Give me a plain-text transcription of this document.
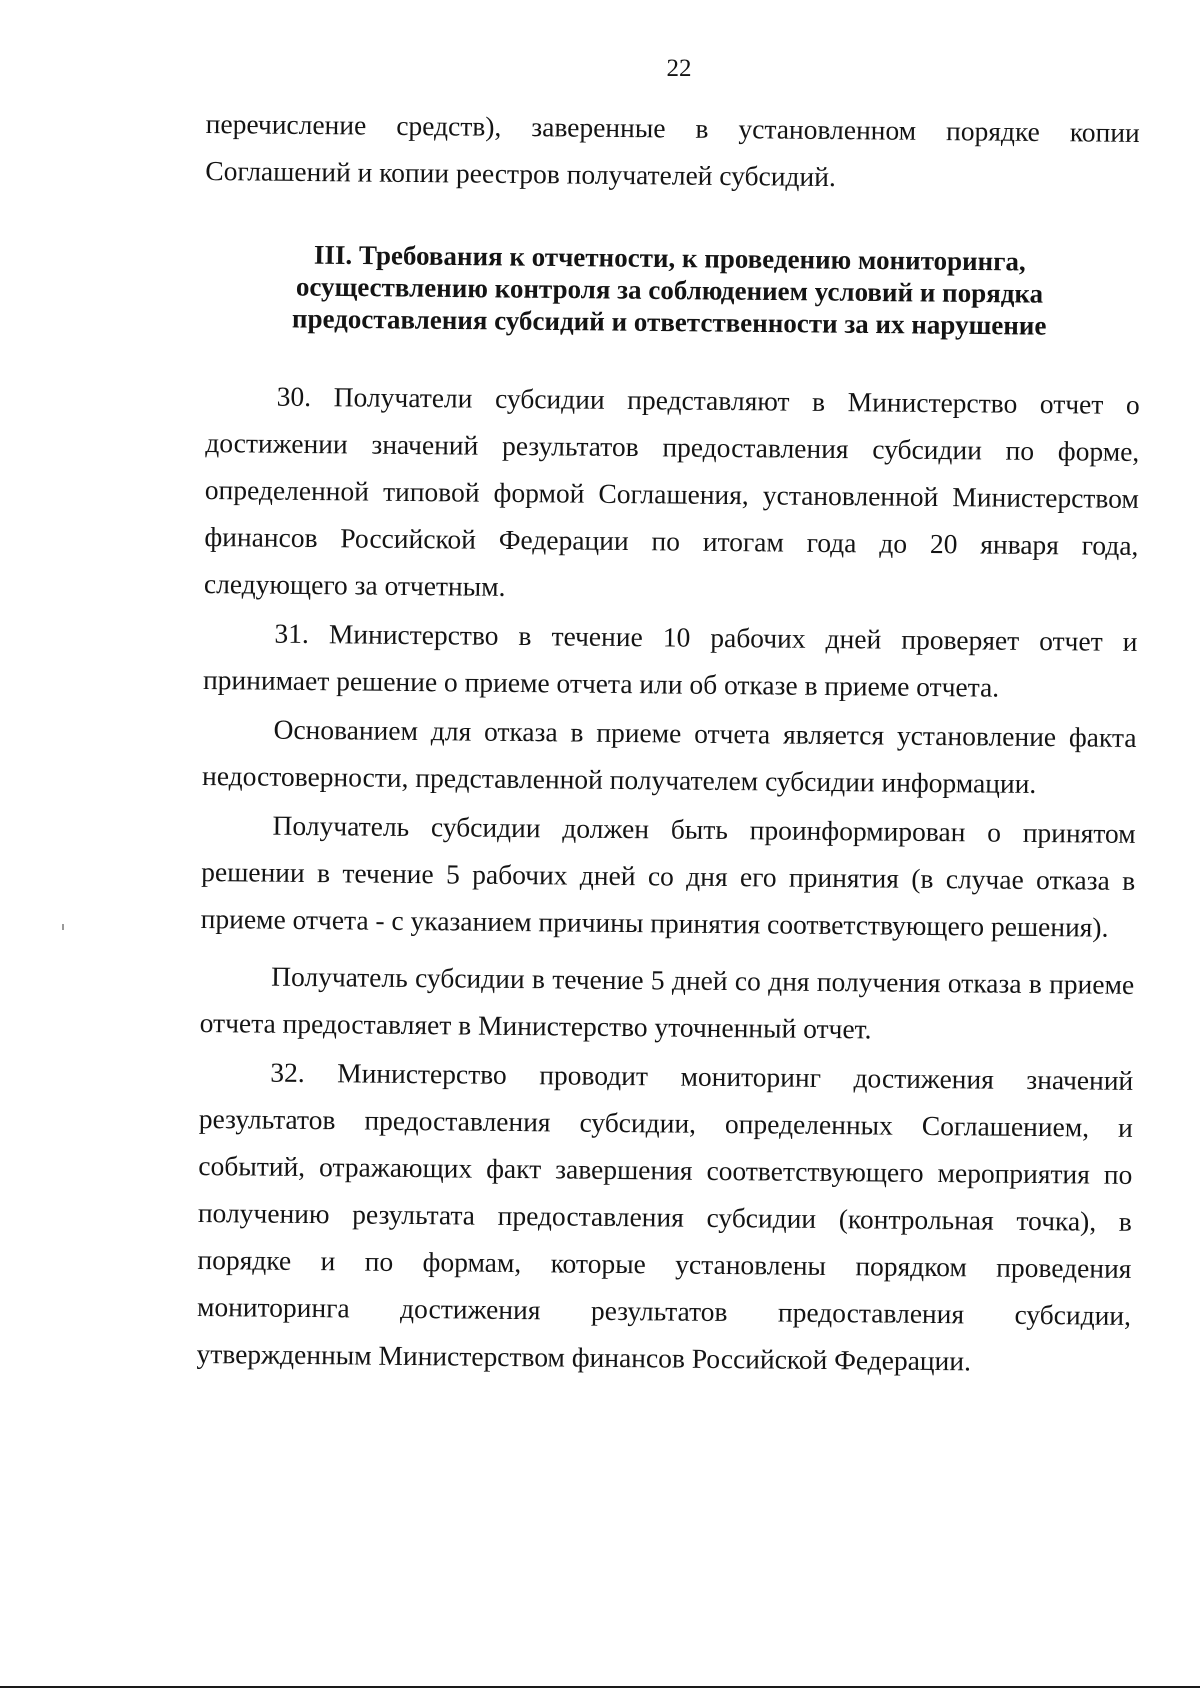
22

перечисление средств), заверенные в установленном порядке копии Соглашений и копии реестров получателей субсидий.

III. Требования к отчетности, к проведению мониторинга,
осуществлению контроля за соблюдением условий и порядка
предоставления субсидий и ответственности за их нарушение

30. Получатели субсидии представляют в Министерство отчет о достижении значений результатов предоставления субсидии по форме, определенной типовой формой Соглашения, установленной Министерством финансов Российской Федерации по итогам года до 20 января года, следующего за отчетным.

31. Министерство в течение 10 рабочих дней проверяет отчет и принимает решение о приеме отчета или об отказе в приеме отчета.

Основанием для отказа в приеме отчета является установление факта недостоверности, представленной получателем субсидии информации.

Получатель субсидии должен быть проинформирован о принятом решении в течение 5 рабочих дней со дня его принятия (в случае отказа в приеме отчета - с указанием причины принятия соответствующего решения).

Получатель субсидии в течение 5 дней со дня получения отказа в приеме отчета предоставляет в Министерство уточненный отчет.

32. Министерство проводит мониторинг достижения значений результатов предоставления субсидии, определенных Соглашением, и событий, отражающих факт завершения соответствующего мероприятия по получению результата предоставления субсидии (контрольная точка), в порядке и по формам, которые установлены порядком проведения мониторинга достижения результатов предоставления субсидии, утвержденным Министерством финансов Российской Федерации.
